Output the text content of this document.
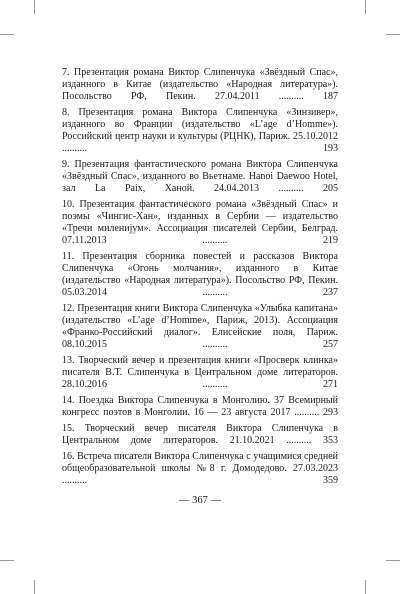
7. Презентация романа Виктор Слипенчука «Звёздный Спас», изданного в Китае (издательство «Народная литература»). Посольство РФ, Пекин. 27.04.2011 .......... 187

8. Презентация романа Виктора Слипенчука «Зинзивер», изданного во Франции (издательство «L’age d’Homme»). Российский центр науки и культуры (РЦНК), Париж. 25.10.2012 .......... 193

9. Презентация фантастического романа Виктора Слипенчука «Звёздный Спас», изданного во Вьетнаме. Hanoi Daewoo Hotel, зал La Paix, Ханой. 24.04.2013 .......... 205

10. Презентация фантастического романа «Звёздный Спас» и поэмы «Чингис-Хан», изданных в Сербии — издательство «Тречи миленијум». Ассоциация писателей Сербии, Белград. 07.11.2013 .......... 219

11. Презентация сборника повестей и рассказов Виктора Слипенчука «Огонь молчания», изданного в Китае (издательство «Народная литература»). Посольство РФ, Пекин. 05.03.2014 .......... 237

12. Презентация книги Виктора Слипенчука «Улыбка капитана» (издательство «L’age d’Homme», Париж, 2013). Ассоциация «Франко-Российский диалог». Елисейские поля, Париж. 08.10.2015 .......... 257

13. Творческий вечер и презентация книги «Просверк клинка» писателя В.Т. Слипенчука в Центральном доме литераторов. 28.10.2016 .......... 271

14. Поездка Виктора Слипенчука в Монголию. 37 Всемирный конгресс поэтов в Монголии. 16 — 23 августа 2017 .......... 293

15. Творческий вечер писателя Виктора Слипенчука в Центральном доме литераторов. 21.10.2021 .......... 353

16. Встреча писателя Виктора Слипенчука с учащимися средней общеобразовательной школы №8 г. Домодедово. 27.03.2023 .......... 359

— 367 —
